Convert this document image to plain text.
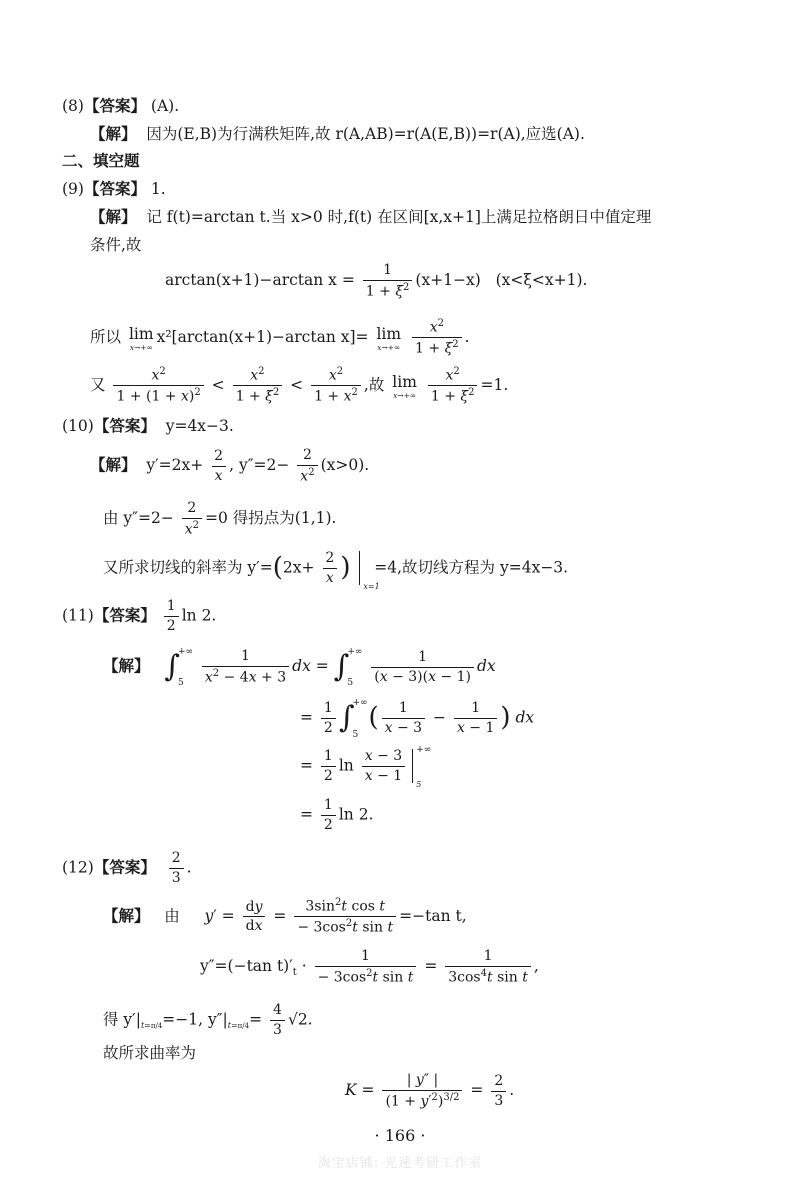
(8)【答案】 (A).
【解】 因为(E,B)为行满秩矩阵,故 r(A,AB)=r(A(E,B))=r(A),应选(A).
二、填空题
(9)【答案】 1.
【解】 记 f(t)=arctan t.当 x>0 时,f(t) 在区间[x,x+1]上满足拉格朗日中值定理
条件,故
arctan(x+1)−arctan $x = \frac{1}{1 + \xi^2} (x+1-x)$ (x<ξ<x+1).
所以 lim
x→+∞
x²[arctan(x+1)−arctan x]= lim
x→+∞
$\frac{x^2}{1 + \xi^2}$ .
又 $\frac{x^2}{1 + (1 + x)^2} < \frac{x^2}{1 + \xi^2} < \frac{x^2}{1 + x^2}$ ,故 lim
x→+∞
$\frac{x^2}{1 + \xi^2} =1$.
(10)【答案】 y=4x−3.
【解】 $y'=2x+ \frac{2}{x}$ , $y''=2- \frac{2}{x^2} (x>0)$.
由 $y''=2- \frac{2}{x^2} =0$ 得拐点为(1,1).
又所求切线的斜率为 $y'=(2x+ \frac{2}{x}$ )
x=1
=4,故切线方程为 y=4x−3.
(11)【答案】 $\frac{1}{2}$ ln 2.
【解】 ∫
+∞
5
$\frac{1}{x^2 - 4x + 3}$ dx = ∫
+∞
5
$\frac{1}{(x - 3)(x - 1)}$ dx
= $\frac{1}{2}$ ∫
+∞
5
( $\frac{1}{x - 3} - \frac{1}{x - 1}$ ) dx
= $\frac{1}{2}$ $\ln \frac{x - 3}{x - 1}$ +∞
5
= $\frac{1}{2}$ ln 2.
(12)【答案】 $\frac{2}{3}$ .
【解】 由 $y' = \frac{dy}{dx} = \frac{3\sin^2t \cos t}{- 3\cos^2t \sin t} =-\tan$ t,
y″=(−tan $t)'_t \cdot \frac{1}{- 3\cos^2t \sin t} = \frac{1}{3\cos^4t \sin t}$ ,
得 $y'|_{t=\pi/4}=-1$, $y''|_{t=\pi/4}= \frac{4}{3} √2$.
故所求曲率为
$K = \frac{| y'' |}{(1 + y'^2)^{3/2}} = \frac{2}{3}$ .
· 166 ·
淘宝店铺: 光速考研工作室
